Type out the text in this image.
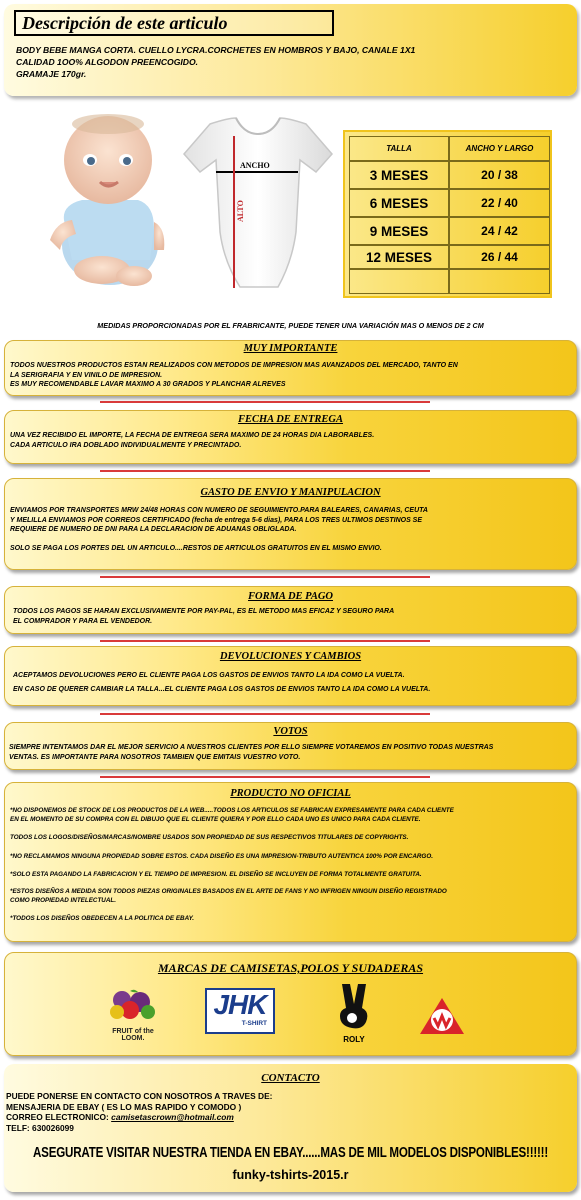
Descripción de este articulo
BODY BEBE MANGA CORTA. CUELLO LYCRA.CORCHETES EN HOMBROS Y BAJO, CANALE 1X1
CALIDAD 1OO% ALGODON PREENCOGIDO.
GRAMAJE 170gr.
ANCHO
ALTO
TALLA	ANCHO Y LARGO
3 MESES	20 / 38
6 MESES	22 / 40
9 MESES	24 / 42
12 MESES	26 / 44
MEDIDAS PROPORCIONADAS POR EL FRABRICANTE, PUEDE TENER UNA VARIACIÓN MAS O MENOS DE 2 CM
MUY IMPORTANTE
TODOS NUESTROS PRODUCTOS ESTAN REALIZADOS CON METODOS DE IMPRESION MAS AVANZADOS DEL MERCADO, TANTO EN
LA SERIGRAFIA Y EN VINILO DE IMPRESION.
ES MUY RECOMENDABLE LAVAR MAXIMO A 30 GRADOS Y PLANCHAR ALREVES
FECHA DE ENTREGA
UNA VEZ RECIBIDO EL IMPORTE, LA FECHA DE ENTREGA SERA MAXIMO DE 24 HORAS DIA LABORABLES.
CADA ARTICULO IRA DOBLADO INDIVIDUALMENTE Y PRECINTADO.
GASTO DE ENVIO Y MANIPULACION
ENVIAMOS POR TRANSPORTES MRW 24/48 HORAS CON NUMERO DE SEGUIMIENTO.PARA BALEARES, CANARIAS, CEUTA
Y MELILLA ENVIAMOS POR CORREOS CERTIFICADO (fecha de entrega 5-6 dias), PARA LOS TRES ULTIMOS DESTINOS SE
REQUIERE DE NUMERO DE DNI PARA LA DECLARACION DE ADUANAS OBLIGLADA.

SOLO SE PAGA LOS PORTES DEL UN ARTICULO....RESTOS DE ARTICULOS GRATUITOS EN EL MISMO ENVIO.
FORMA DE PAGO
TODOS LOS PAGOS SE HARAN EXCLUSIVAMENTE POR PAY-PAL, ES EL METODO MAS EFICAZ Y SEGURO PARA
EL COMPRADOR Y PARA EL VENDEDOR.
DEVOLUCIONES Y CAMBIOS
ACEPTAMOS DEVOLUCIONES PERO EL CLIENTE PAGA LOS GASTOS DE ENVIOS TANTO LA IDA COMO LA VUELTA.
EN CASO DE QUERER CAMBIAR LA TALLA...EL CLIENTE PAGA LOS GASTOS DE ENVIOS TANTO LA IDA COMO LA VUELTA.
VOTOS
SIEMPRE INTENTAMOS DAR EL MEJOR SERVICIO A NUESTROS CLIENTES POR ELLO SIEMPRE VOTAREMOS EN POSITIVO TODAS NUESTRAS
VENTAS. ES IMPORTANTE PARA NOSOTROS TAMBIEN QUE EMITAIS VUESTRO VOTO.
PRODUCTO NO OFICIAL
*NO DISPONEMOS DE STOCK DE LOS PRODUCTOS DE LA WEB.....TODOS LOS ARTICULOS SE FABRICAN EXPRESAMENTE PARA CADA CLIENTE
EN EL MOMENTO DE SU COMPRA CON EL DIBUJO QUE EL CLIENTE QUIERA Y POR ELLO CADA UNO ES UNICO PARA CADA CLIENTE.
TODOS LOS LOGOS/DISEÑOS/MARCAS/NOMBRE USADOS SON PROPIEDAD DE SUS RESPECTIVOS TITULARES DE COPYRIGHTS.
*NO RECLAMAMOS NINGUNA PROPIEDAD SOBRE ESTOS. CADA DISEÑO ES UNA IMPRESION-TRIBUTO AUTENTICA 100% POR ENCARGO.
*SOLO ESTA PAGANDO LA FABRICACION Y EL TIEMPO DE IMPRESION. EL DISEÑO SE INCLUYEN DE FORMA TOTALMENTE GRATUITA.
*ESTOS DISEÑOS A MEDIDA SON TODOS PIEZAS ORIGINALES BASADOS EN EL ARTE DE FANS Y NO INFRIGEN NINGUN DISEÑO REGISTRADO
COMO PROPIEDAD INTELECTUAL.
*TODOS LOS DISEÑOS OBEDECEN A LA POLITICA DE EBAY.
MARCAS DE CAMISETAS,POLOS Y SUDADERAS
FRUIT of the LOOM.
JHK
T-SHIRT
ROLY
CONTACTO
PUEDE PONERSE EN CONTACTO CON NOSOTROS A TRAVES DE:
MENSAJERIA DE EBAY ( ES LO MAS RAPIDO Y COMODO )
CORREO ELECTRONICO: camisetascrown@hotmail.com
TELF: 630026099
ASEGURATE VISITAR NUESTRA TIENDA EN EBAY......MAS DE MIL MODELOS DISPONIBLES!!!!!!
funky-tshirts-2015.r
